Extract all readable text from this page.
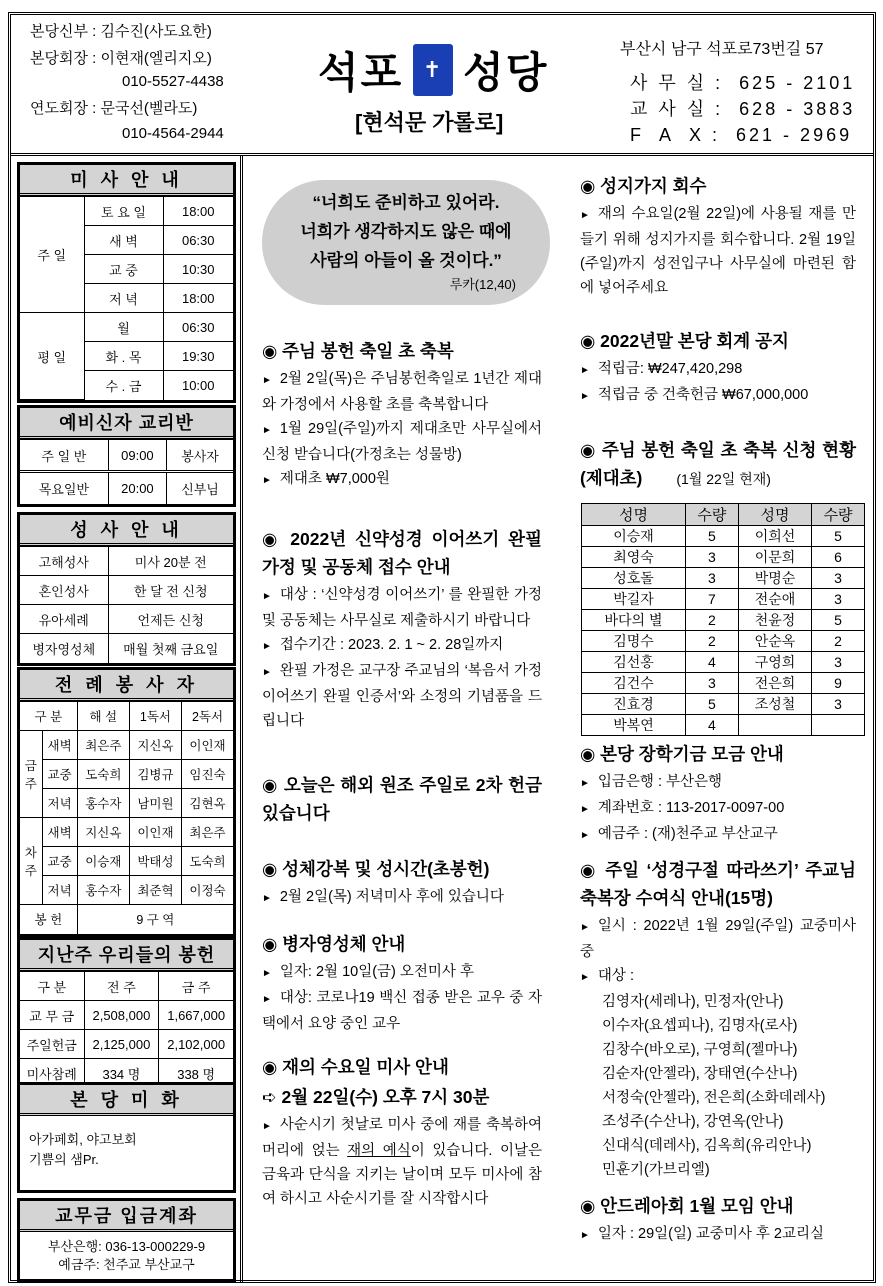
본당신부 : 김수진(사도요한)
본당회장 : 이현재(엘리지오)
010-5527-4438
연도회장 : 문국선(벨라도)
010-4564-2944
석포 ✝ 성당
[현석문 가롤로]
부산시 남구 석포로73번길 57
사 무 실 :  625 - 2101
교 사 실 :  628 - 3883
F  A  X :  621 - 2969
미 사 안 내
주 일	토 요 일	18:00
	새 벽	06:30
	교 중	10:30
	저 녁	18:00
평 일	월	06:30
	화 . 목	19:30
	수 . 금	10:00
예비신자 교리반
주 일 반	09:00	봉사자
목요일반	20:00	신부님
성 사 안 내
고해성사	미사 20분 전
혼인성사	한 달 전 신청
유아세례	언제든 신청
병자영성체	매월 첫째 금요일
전 례 봉 사 자
구 분		해 설	1독서	2독서
금주	새벽	최은주	지신옥	이인재
	교중	도숙희	김병규	임진숙
	저녁	홍수자	남미원	김현옥
차주	새벽	지신옥	이인재	최은주
	교중	이승재	박태성	도숙희
	저녁	홍수자	최준혁	이정숙
봉 헌		9 구 역		
지난주 우리들의 봉헌
구 분	전 주	금 주
교 무 금	2,508,000	1,667,000
주일헌금	2,125,000	2,102,000
미사참례	334 명	338 명
본 당 미 화
아가페회, 야고보회
기쁨의 샘Pr.
교무금 입금계좌
부산은행: 036-13-000229-9
예금주: 천주교 부산교구

“너희도 준비하고 있어라.

너희가 생각하지도 않은 때에

사람의 아들이 올 것이다.”

루카(12,40)
◉ 주님 봉헌 축일 초 축복
► 2월 2일(목)은 주님봉헌축일로 1년간 제대와 가정에서 사용할 초를 축복합니다
► 1월 29일(주일)까지 제대초만 사무실에서 신청 받습니다(가정초는 성물방)
► 제대초 ₩7,000원
◉ 2022년 신약성경 이어쓰기 완필 가정 및 공동체 접수 안내
► 대상 : ‘신약성경 이어쓰기’ 를 완필한 가정 및 공동체는 사무실로 제출하시기 바랍니다
► 접수기간 : 2023. 2. 1 ~ 2. 28일까지
► 완필 가정은 교구장 주교님의 ‘복음서 가정 이어쓰기 완필 인증서’와 소정의 기념품을 드립니다
◉ 오늘은 해외 원조 주일로 2차 헌금 있습니다
◉ 성체강복 및 성시간(초봉헌)
► 2월 2일(목) 저녁미사 후에 있습니다
◉ 병자영성체 안내
► 일자: 2월 10일(금) 오전미사 후
► 대상: 코로나19 백신 접종 받은 교우 중 자택에서 요양 중인 교우
◉ 재의 수요일 미사 안내
➪ 2월 22일(수) 오후 7시 30분
► 사순시기 첫날로 미사 중에 재를 축복하여 머리에 얹는 재의 예식이 있습니다. 이날은 금육과 단식을 지키는 날이며 모두 미사에 참여 하시고 사순시기를 잘 시작합시다
◉ 성지가지 회수
► 재의 수요일(2월 22일)에 사용될 재를 만들기 위해 성지가지를 회수합니다. 2월 19일(주일)까지 성전입구나 사무실에 마련된 함에 넣어주세요
◉ 2022년말 본당 회계 공지
► 적립금: ₩247,420,298
► 적립금 중 건축헌금 ₩67,000,000
◉ 주님 봉헌 축일 초 축복 신청 현황(제대초) (1월 22일 현재)
◉ 본당 장학기금 모금 안내
► 입금은행 : 부산은행
► 계좌번호 : 113-2017-0097-00
► 예금주 : (재)천주교 부산교구
◉ 주일 ‘성경구절 따라쓰기’ 주교님 축복장 수여식 안내(15명)
► 일시 : 2022년 1월 29일(주일) 교중미사 중
► 대상 :
김영자(세레나), 민정자(안나)
이수자(요셉피나), 김명자(로사)
김창수(바오로), 구영희(젤마나)
김순자(안젤라), 장태연(수산나)
서정숙(안젤라), 전은희(소화데레사)
조성주(수산나), 강연옥(안나)
신대식(데레사), 김옥희(유리안나)
민훈기(가브리엘)
◉ 안드레아회 1월 모임 안내
► 일자 : 29일(일) 교중미사 후 2교리실
성명	수량	성명	수량
이승재	5	이희선	5
최영숙	3	이문희	6
성호돌	3	박명순	3
박길자	7	전순애	3
바다의 별	2	천윤정	5
김명수	2	안순옥	2
김선홍	4	구영희	3
김건수	3	전은희	9
진효경	5	조성철	3
박복연	4		
